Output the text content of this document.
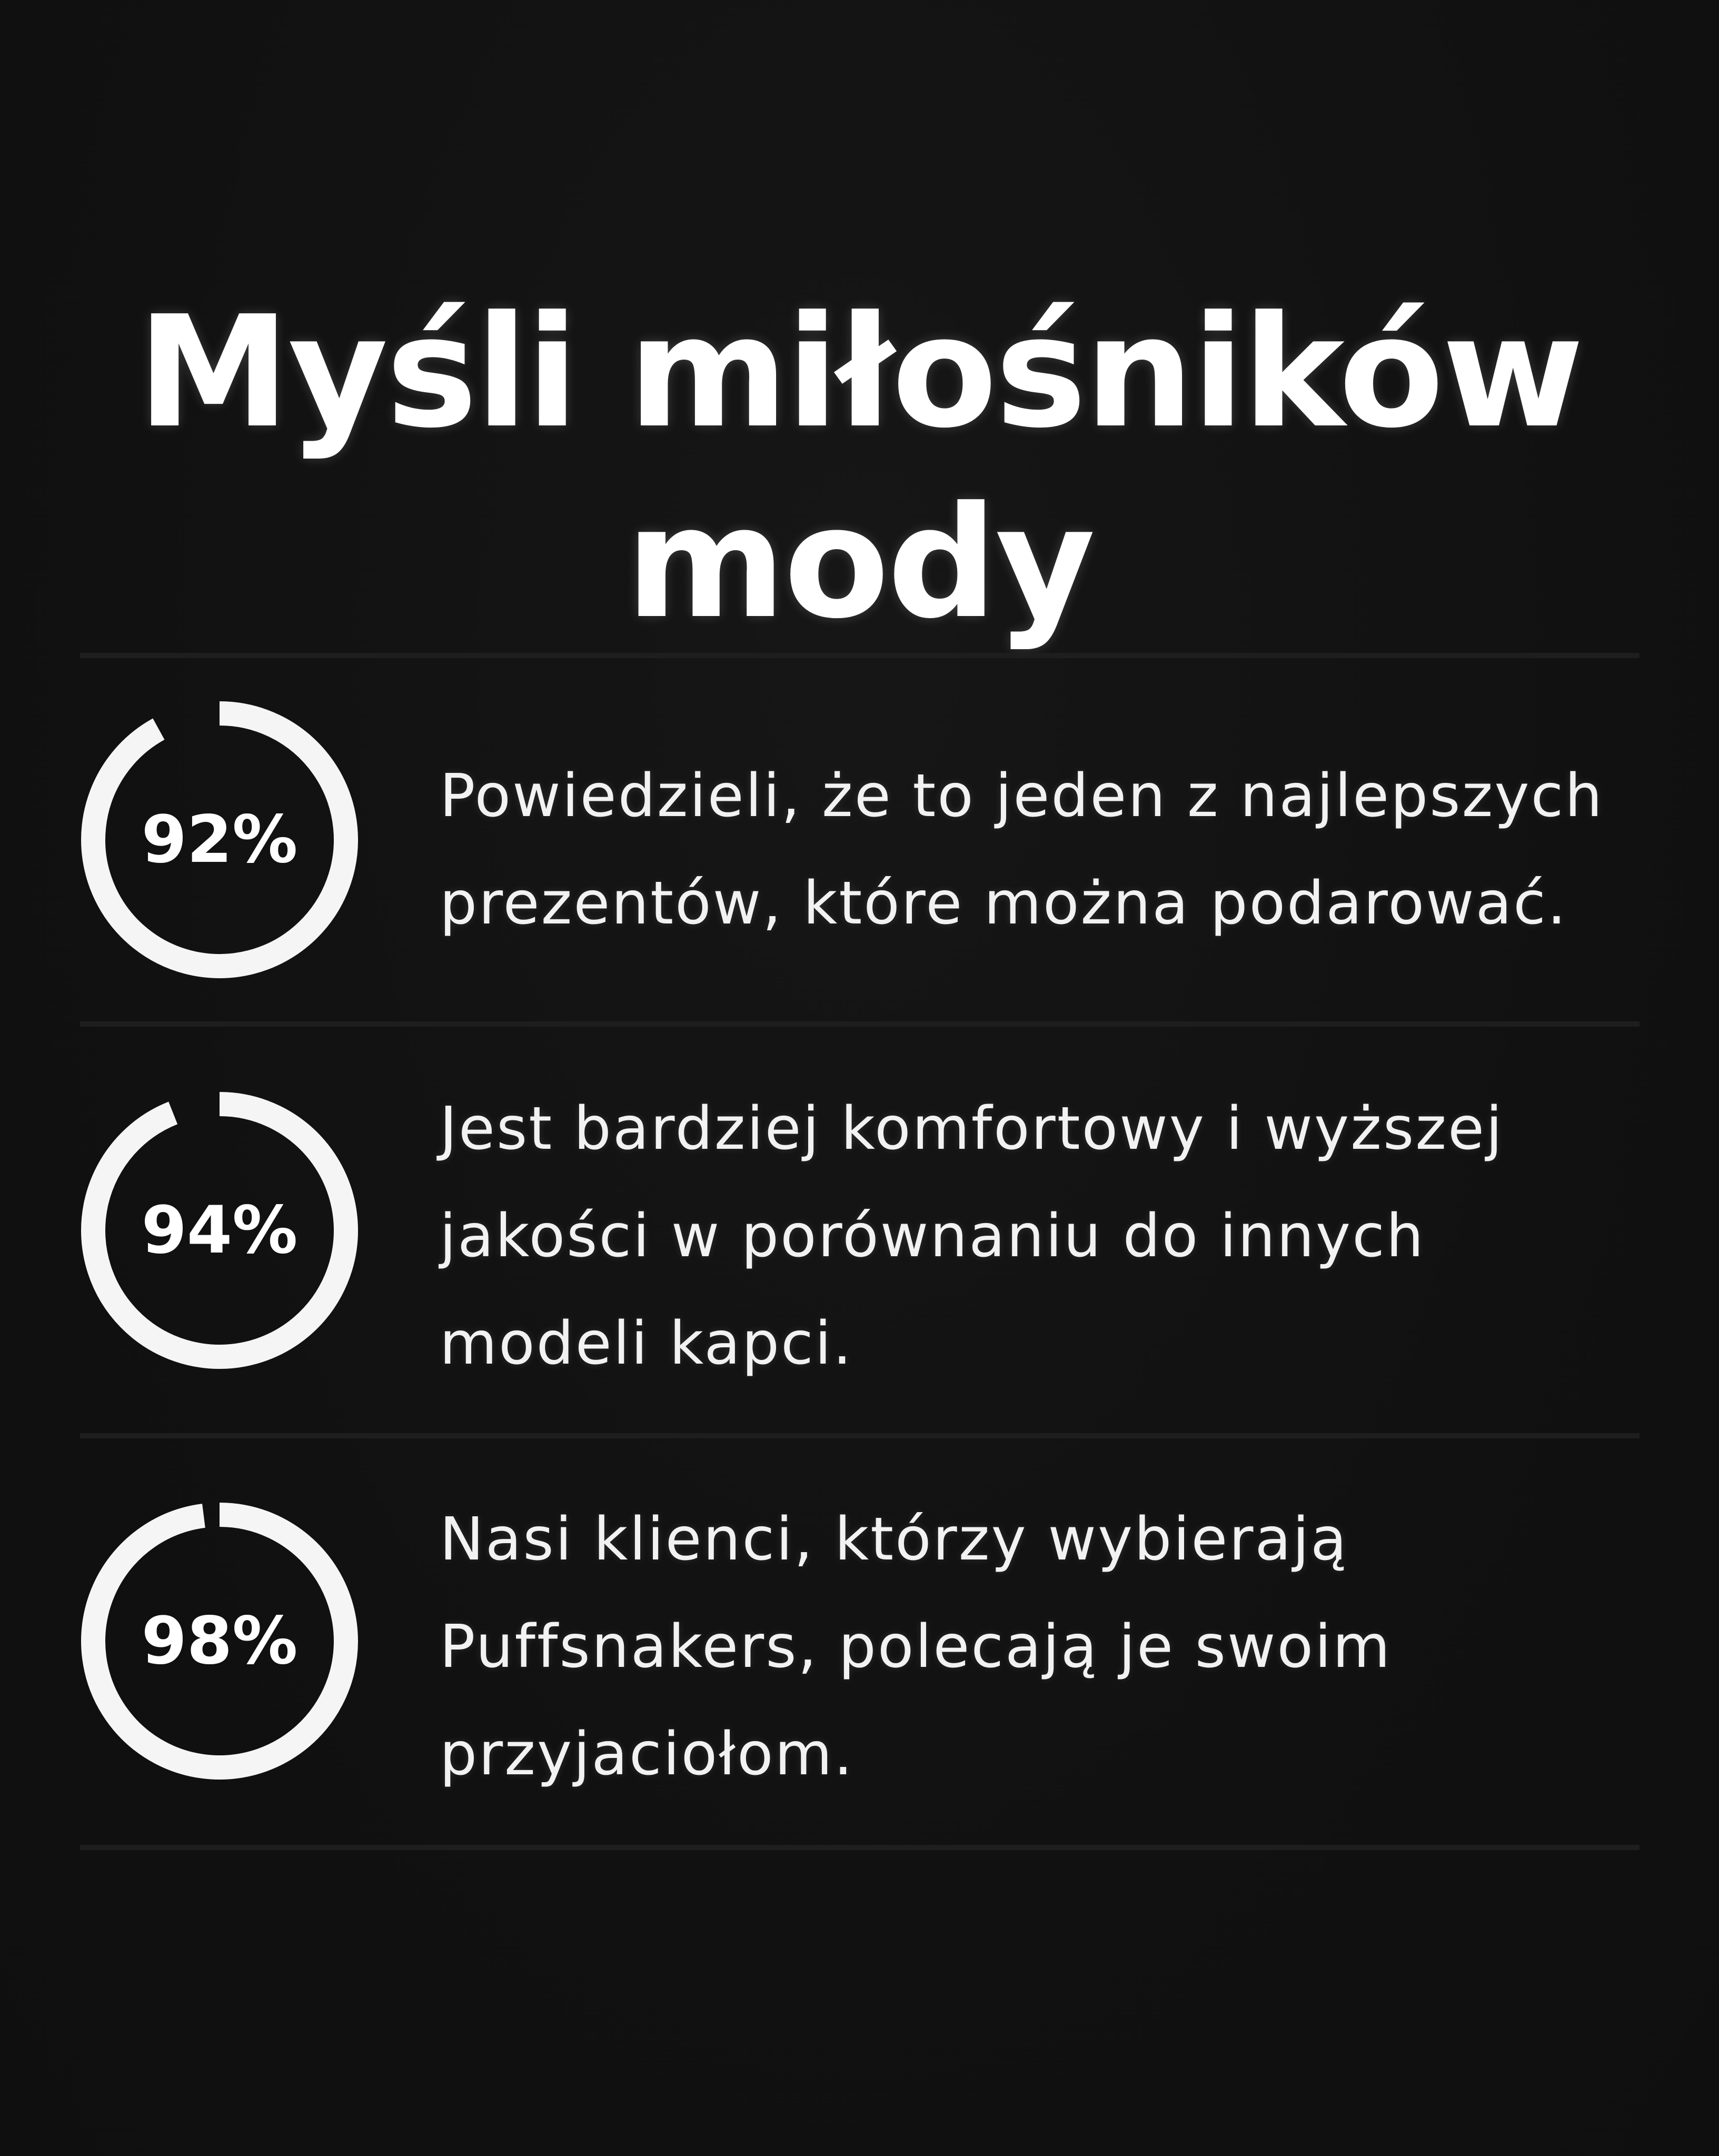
Myśli miłośników
mody
92%
Powiedzieli, że to jeden z najlepszych
prezentów, które można podarować.
94%
Jest bardziej komfortowy i wyższej
jakości w porównaniu do innych
modeli kapci.
98%
Nasi klienci, którzy wybierają
Puffsnakers, polecają je swoim
przyjaciołom.
